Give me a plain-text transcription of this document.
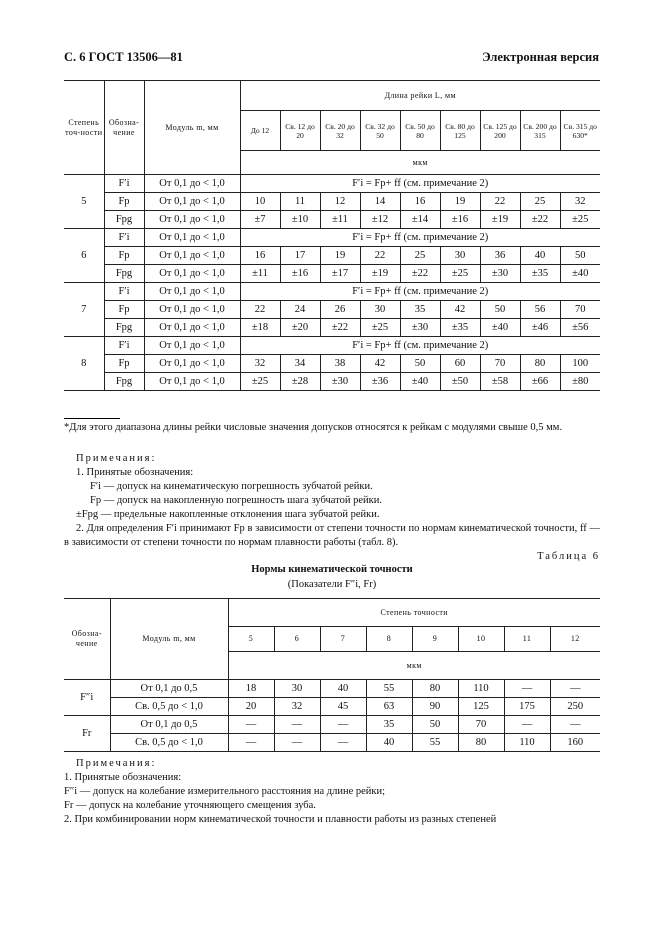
С. 6 ГОСТ 13506—81	Электронная версия
Степень точ-ности	Обозна-чение	Модуль m, мм	Длина рейки L, мм								
			До 12	Св. 12 до 20	Св. 20 до 32	Св. 32 до 50	Св. 50 до 80	Св. 80 до 125	Св. 125 до 200	Св. 200 до 315	Св. 315 до 630*
			мкм								
5	F′i	От 0,1 до < 1,0	F′i = Fp+ ff (см. примечание 2)								
	Fp	От 0,1 до < 1,0	10	11	12	14	16	19	22	25	32
	Fpg	От 0,1 до < 1,0	±7	±10	±11	±12	±14	±16	±19	±22	±25
6	F′i	От 0,1 до < 1,0	F′i = Fp+ ff (см. примечание 2)								
	Fp	От 0,1 до < 1,0	16	17	19	22	25	30	36	40	50
	Fpg	От 0,1 до < 1,0	±11	±16	±17	±19	±22	±25	±30	±35	±40
7	F′i	От 0,1 до < 1,0	F′i = Fp+ ff (см. примечание 2)								
	Fp	От 0,1 до < 1,0	22	24	26	30	35	42	50	56	70
	Fpg	От 0,1 до < 1,0	±18	±20	±22	±25	±30	±35	±40	±46	±56
8	F′i	От 0,1 до < 1,0	F′i = Fp+ ff (см. примечание 2)								
	Fp	От 0,1 до < 1,0	32	34	38	42	50	60	70	80	100
	Fpg	От 0,1 до < 1,0	±25	±28	±30	±36	±40	±50	±58	±66	±80
*Для этого диапазона длины рейки числовые значения допусков относятся к рейкам с модулями свыше 0,5 мм.
Примечания:
1. Принятые обозначения:
F′i — допуск на кинематическую погрешность зубчатой рейки.
Fp — допуск на накопленную погрешность шага зубчатой рейки.
±Fpg — предельные накопленные отклонения шага зубчатой рейки.
2. Для определения F′i принимают Fp в зависимости от степени точности по нормам кинематической точности, ff — в зависимости от степени точности по нормам плавности работы (табл. 8).
Таблица 6
Нормы кинематической точности
(Показатели F″i, Fr)
Обозна-чение	Модуль m, мм	Степень точности							
		5	6	7	8	9	10	11	12
		мкм							
F″i	От 0,1 до 0,5	18	30	40	55	80	110	—	—
	Св. 0,5 до < 1,0	20	32	45	63	90	125	175	250
Fr	От 0,1 до 0,5	—	—	—	35	50	70	—	—
	Св. 0,5 до < 1,0	—	—	—	40	55	80	110	160
Примечания:
1. Принятые обозначения:
F″i — допуск на колебание измерительного расстояния на длине рейки;
Fr — допуск на колебание уточняющего смещения зуба.
2. При комбинировании норм кинематической точности и плавности работы из разных степеней
